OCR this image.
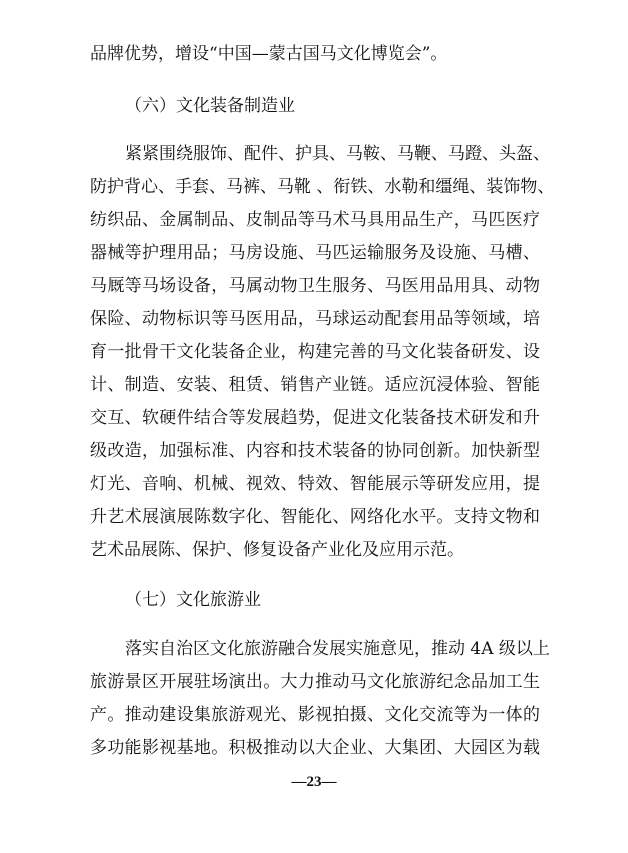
品牌优势，增设“中国—蒙古国马文化博览会”。
（六）文化装备制造业
紧紧围绕服饰、配件、护具、马鞍、马鞭、马蹬、头盔、
防护背心、手套、马裤、马靴 、衔铁、水勒和缰绳、装饰物、
纺织品、金属制品、皮制品等马术马具用品生产，马匹医疗
器械等护理用品；马房设施、马匹运输服务及设施、马槽、
马厩等马场设备，马属动物卫生服务、马医用品用具、动物
保险、动物标识等马医用品，马球运动配套用品等领域，培
育一批骨干文化装备企业，构建完善的马文化装备研发、设
计、制造、安装、租赁、销售产业链。适应沉浸体验、智能
交互、软硬件结合等发展趋势，促进文化装备技术研发和升
级改造，加强标准、内容和技术装备的协同创新。加快新型
灯光、音响、机械、视效、特效、智能展示等研发应用，提
升艺术展演展陈数字化、智能化、网络化水平。支持文物和
艺术品展陈、保护、修复设备产业化及应用示范。
（七）文化旅游业
落实自治区文化旅游融合发展实施意见，推动 4A 级以上
旅游景区开展驻场演出。大力推动马文化旅游纪念品加工生
产。推动建设集旅游观光、影视拍摄、文化交流等为一体的
多功能影视基地。积极推动以大企业、大集团、大园区为载
—23—
